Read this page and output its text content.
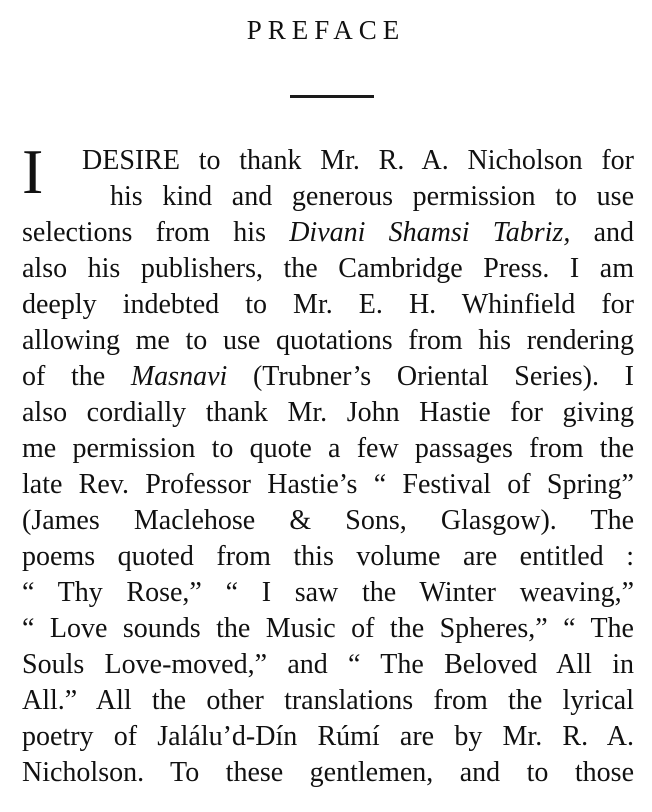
PREFACE
I DESIRE to thank Mr. R. A. Nicholson for
his kind and generous permission to use
selections from his Divani Shamsi Tabriz, and
also his publishers, the Cambridge Press. I am
deeply indebted to Mr. E. H. Whinfield for
allowing me to use quotations from his rendering
of the Masnavi (Trubner’s Oriental Series). I
also cordially thank Mr. John Hastie for giving
me permission to quote a few passages from the
late Rev. Professor Hastie’s “ Festival of Spring”
(James Maclehose & Sons, Glasgow). The
poems quoted from this volume are entitled :
“ Thy Rose,” “ I saw the Winter weaving,”
“ Love sounds the Music of the Spheres,” “ The
Souls Love-moved,” and “ The Beloved All in
All.” All the other translations from the lyrical
poetry of Jalálu’d-Dín Rúmí are by Mr. R. A.
Nicholson. To these gentlemen, and to those
